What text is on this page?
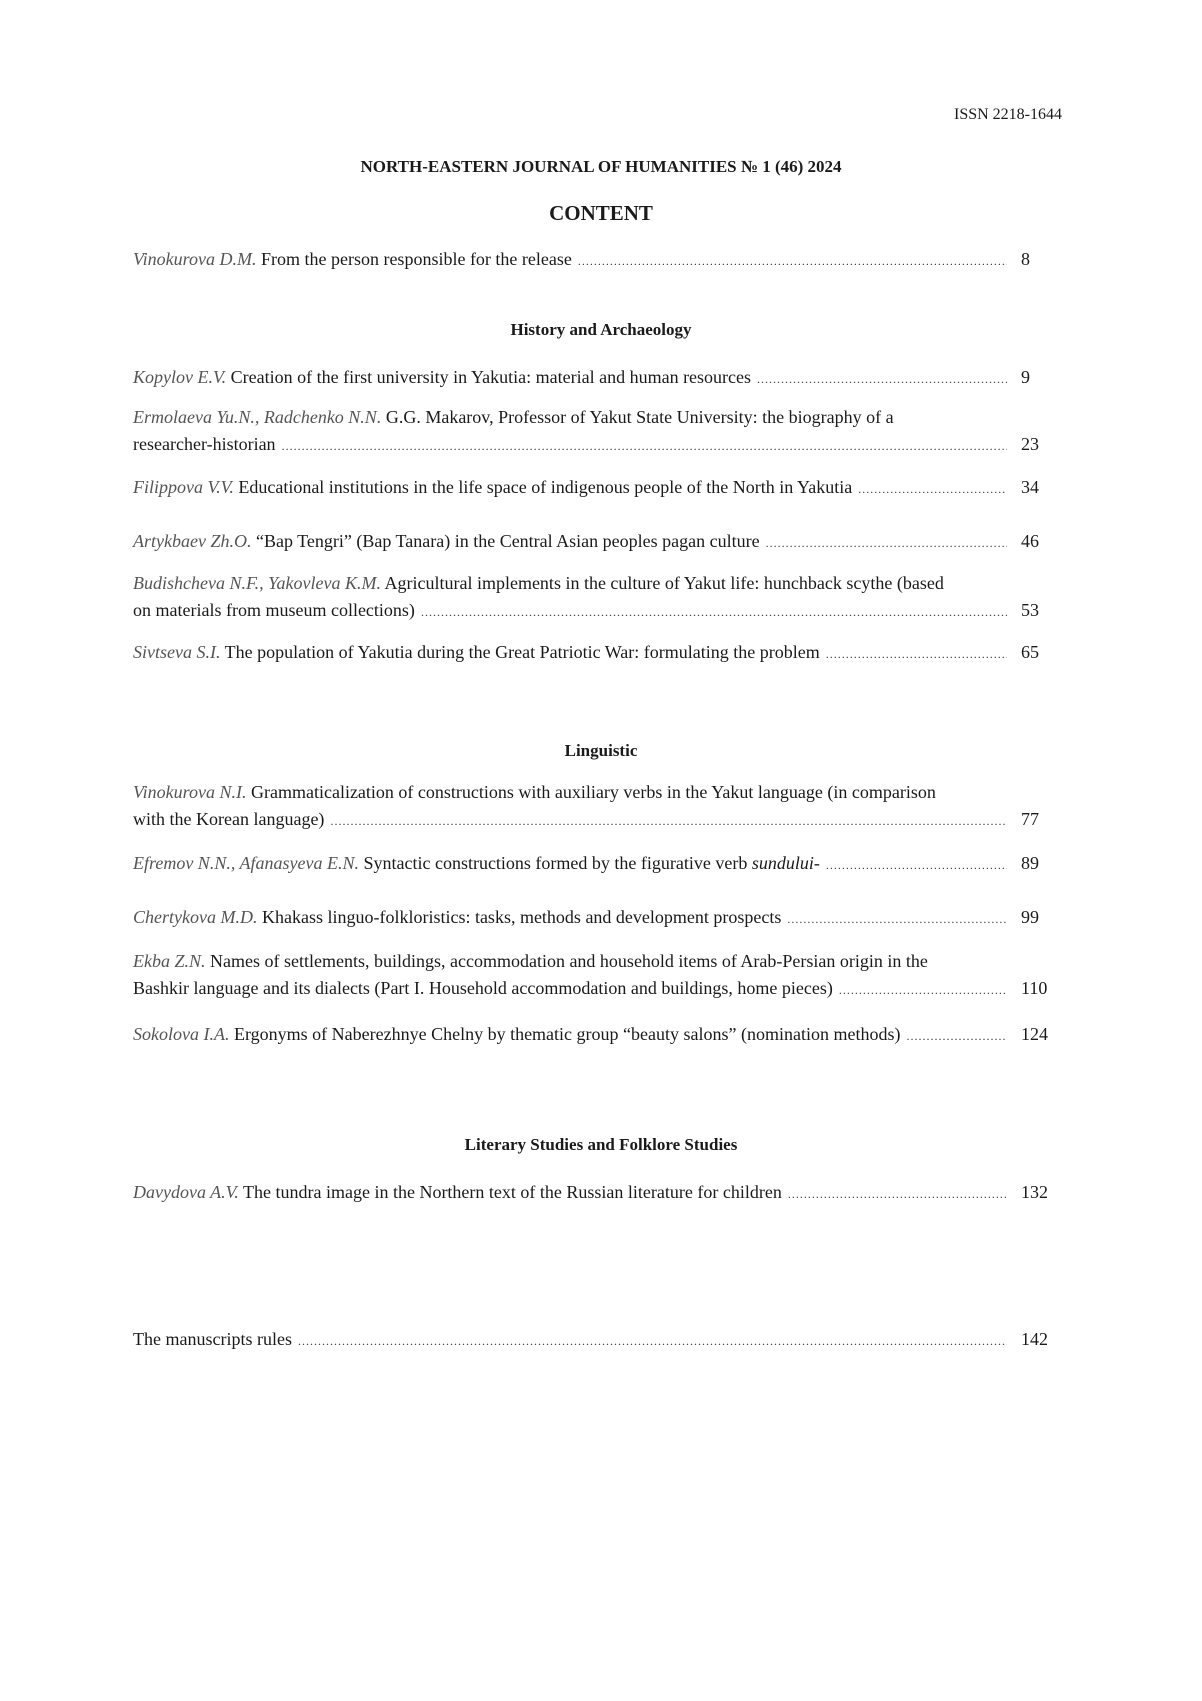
ISSN 2218-1644
NORTH-EASTERN JOURNAL OF HUMANITIES № 1 (46) 2024
CONTENT
Vinokurova D.M. From the person responsible for the release .....	8
History and Archaeology
Kopylov E.V. Creation of the first university in Yakutia: material and human resources .....	9
Ermolaeva Yu.N., Radchenko N.N. G.G. Makarov, Professor of Yakut State University: the biography of a
researcher-historian .....	23
Filippova V.V. Educational institutions in the life space of indigenous people of the North in Yakutia .....	34
Artykbaev Zh.O. “Bap Tengri” (Bap Tanara) in the Central Asian peoples pagan culture .....	46
Budishcheva N.F., Yakovleva K.M. Agricultural implements in the culture of Yakut life: hunchback scythe (based
on materials from museum collections) .....	53
Sivtseva S.I. The population of Yakutia during the Great Patriotic War: formulating the problem .....	65
Linguistic
Vinokurova N.I. Grammaticalization of constructions with auxiliary verbs in the Yakut language (in comparison
with the Korean language) .....	77
Efremov N.N., Afanasyeva E.N. Syntactic constructions formed by the figurative verb sundului- .....	89
Chertykova M.D. Khakass linguo-folkloristics: tasks, methods and development prospects .....	99
Ekba Z.N. Names of settlements, buildings, accommodation and household items of Arab-Persian origin in the
Bashkir language and its dialects (Part I. Household accommodation and buildings, home pieces) .....	110
Sokolova I.A. Ergonyms of Naberezhnye Chelny by thematic group “beauty salons” (nomination methods) .....	124
Literary Studies and Folklore Studies
Davydova A.V. The tundra image in the Northern text of the Russian literature for children .....	132
The manuscripts rules .....	142
